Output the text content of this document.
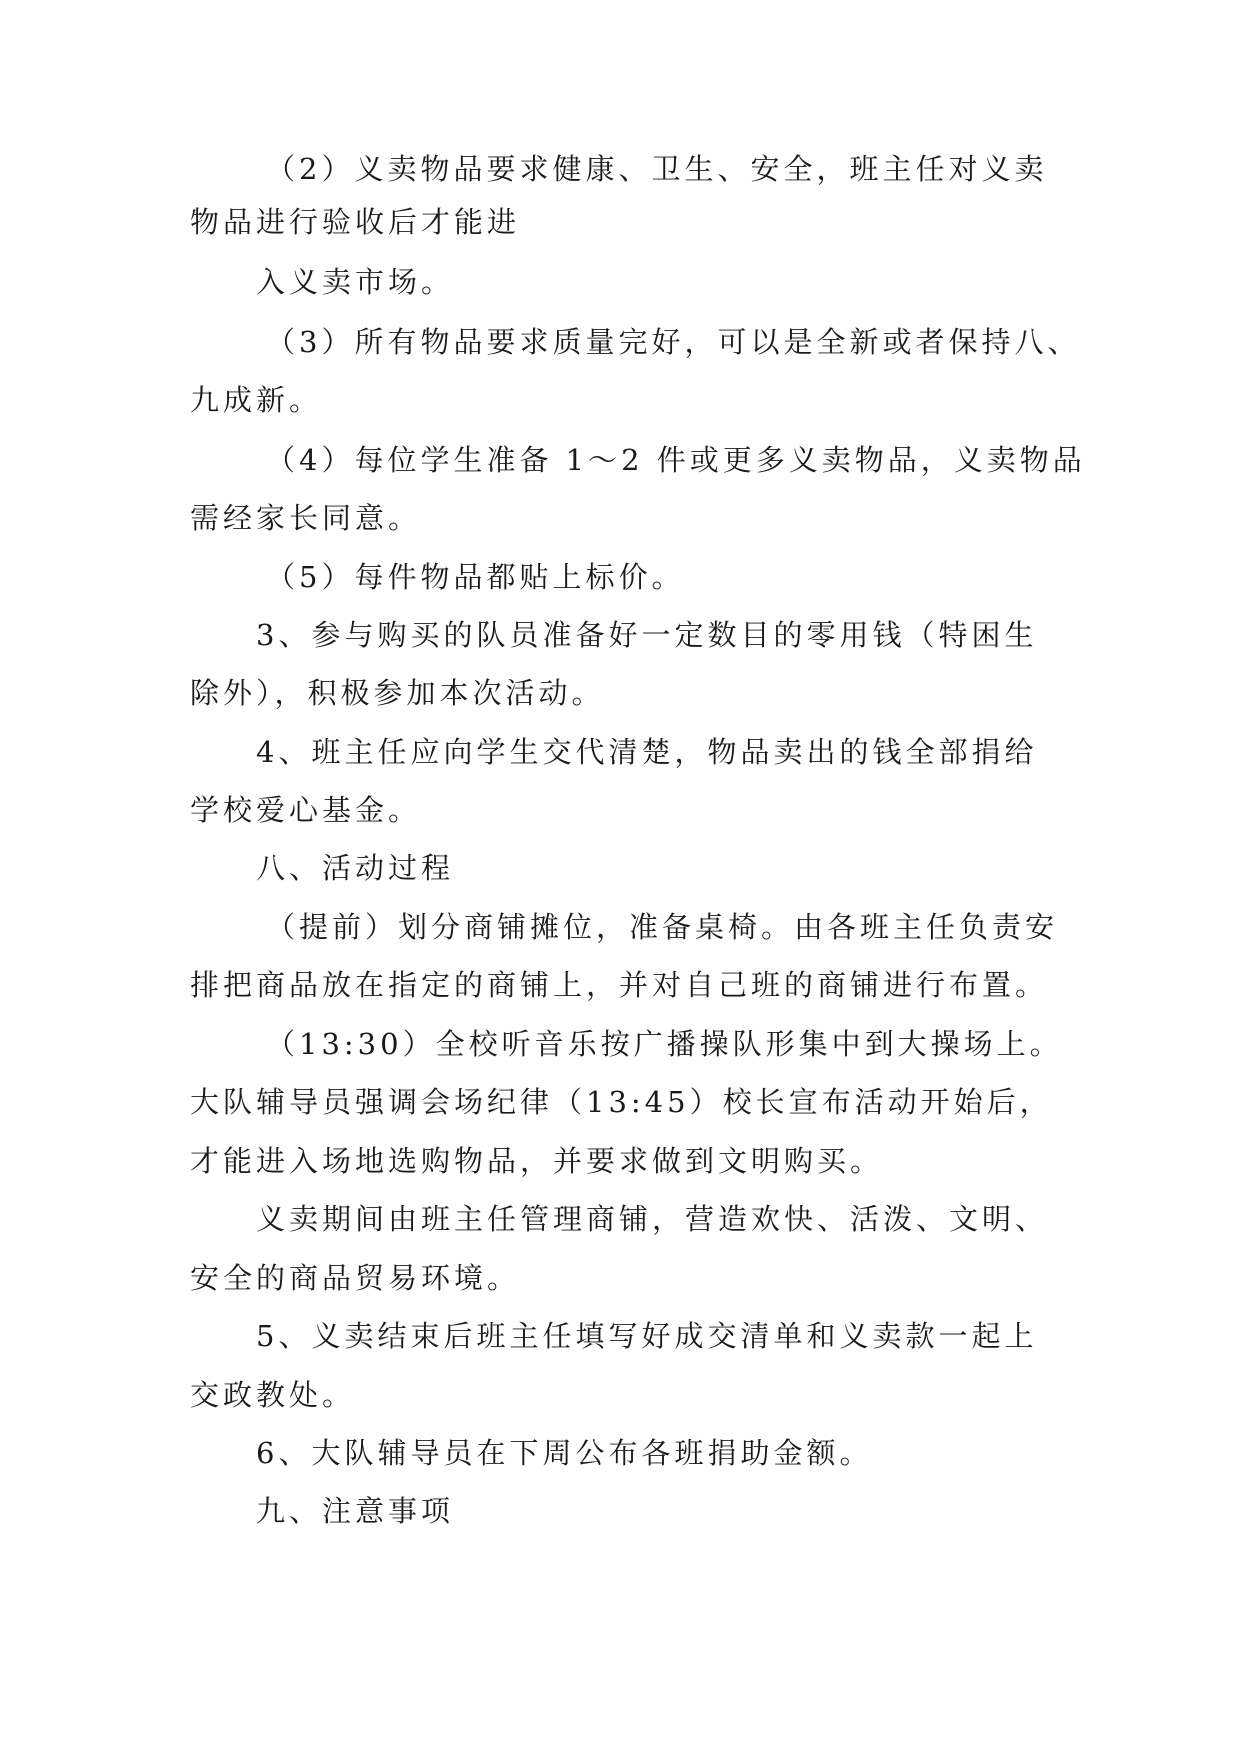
（2）义卖物品要求健康、卫生、安全，班主任对义卖
物品进行验收后才能进
入义卖市场。
（3）所有物品要求质量完好，可以是全新或者保持八、
九成新。
（4）每位学生准备 1～2 件或更多义卖物品，义卖物品
需经家长同意。
（5）每件物品都贴上标价。
3、参与购买的队员准备好一定数目的零用钱（特困生
除外），积极参加本次活动。
4、班主任应向学生交代清楚，物品卖出的钱全部捐给
学校爱心基金。
八、活动过程
（提前）划分商铺摊位，准备桌椅。由各班主任负责安
排把商品放在指定的商铺上，并对自己班的商铺进行布置。
（13:30）全校听音乐按广播操队形集中到大操场上。
大队辅导员强调会场纪律（13:45）校长宣布活动开始后，
才能进入场地选购物品，并要求做到文明购买。
义卖期间由班主任管理商铺，营造欢快、活泼、文明、
安全的商品贸易环境。
5、义卖结束后班主任填写好成交清单和义卖款一起上
交政教处。
6、大队辅导员在下周公布各班捐助金额。
九、注意事项
